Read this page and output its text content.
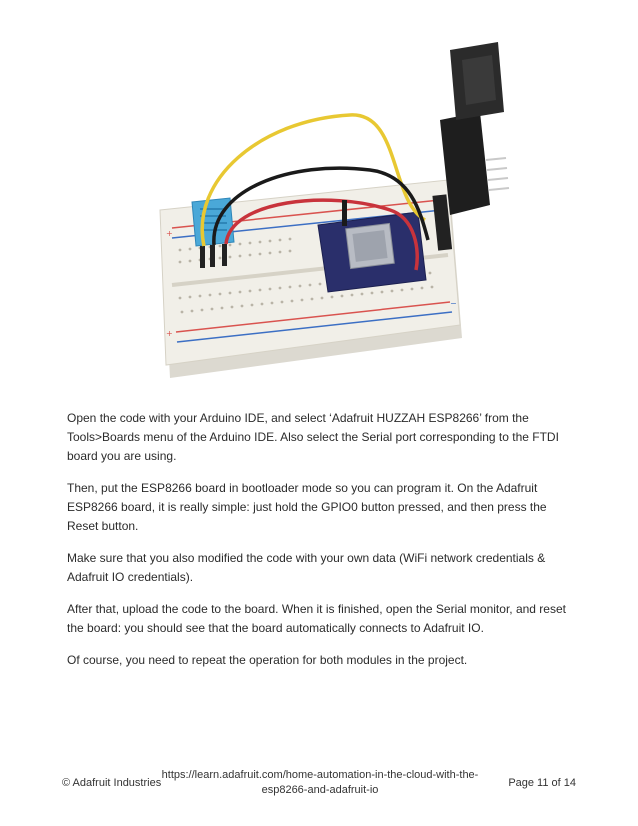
+
+
−

Open the code with your Arduino IDE, and select ‘Adafruit HUZZAH ESP8266’ from the Tools>Boards menu of the Arduino IDE. Also select the Serial port corresponding to the FTDI board you are using.

Then, put the ESP8266 board in bootloader mode so you can program it. On the Adafruit ESP8266 board, it is really simple: just hold the GPIO0 button pressed, and then press the Reset button.

Make sure that you also modified the code with your own data (WiFi network credentials & Adafruit IO credentials).

After that, upload the code to the board. When it is finished, open the Serial monitor, and reset the board: you should see that the board automatically connects to Adafruit IO.

Of course, you need to repeat the operation for both modules in the project.

© Adafruit Industries
https://learn.adafruit.com/home-automation-in-the-cloud-with-the-
esp8266-and-adafruit-io
Page 11 of 14
